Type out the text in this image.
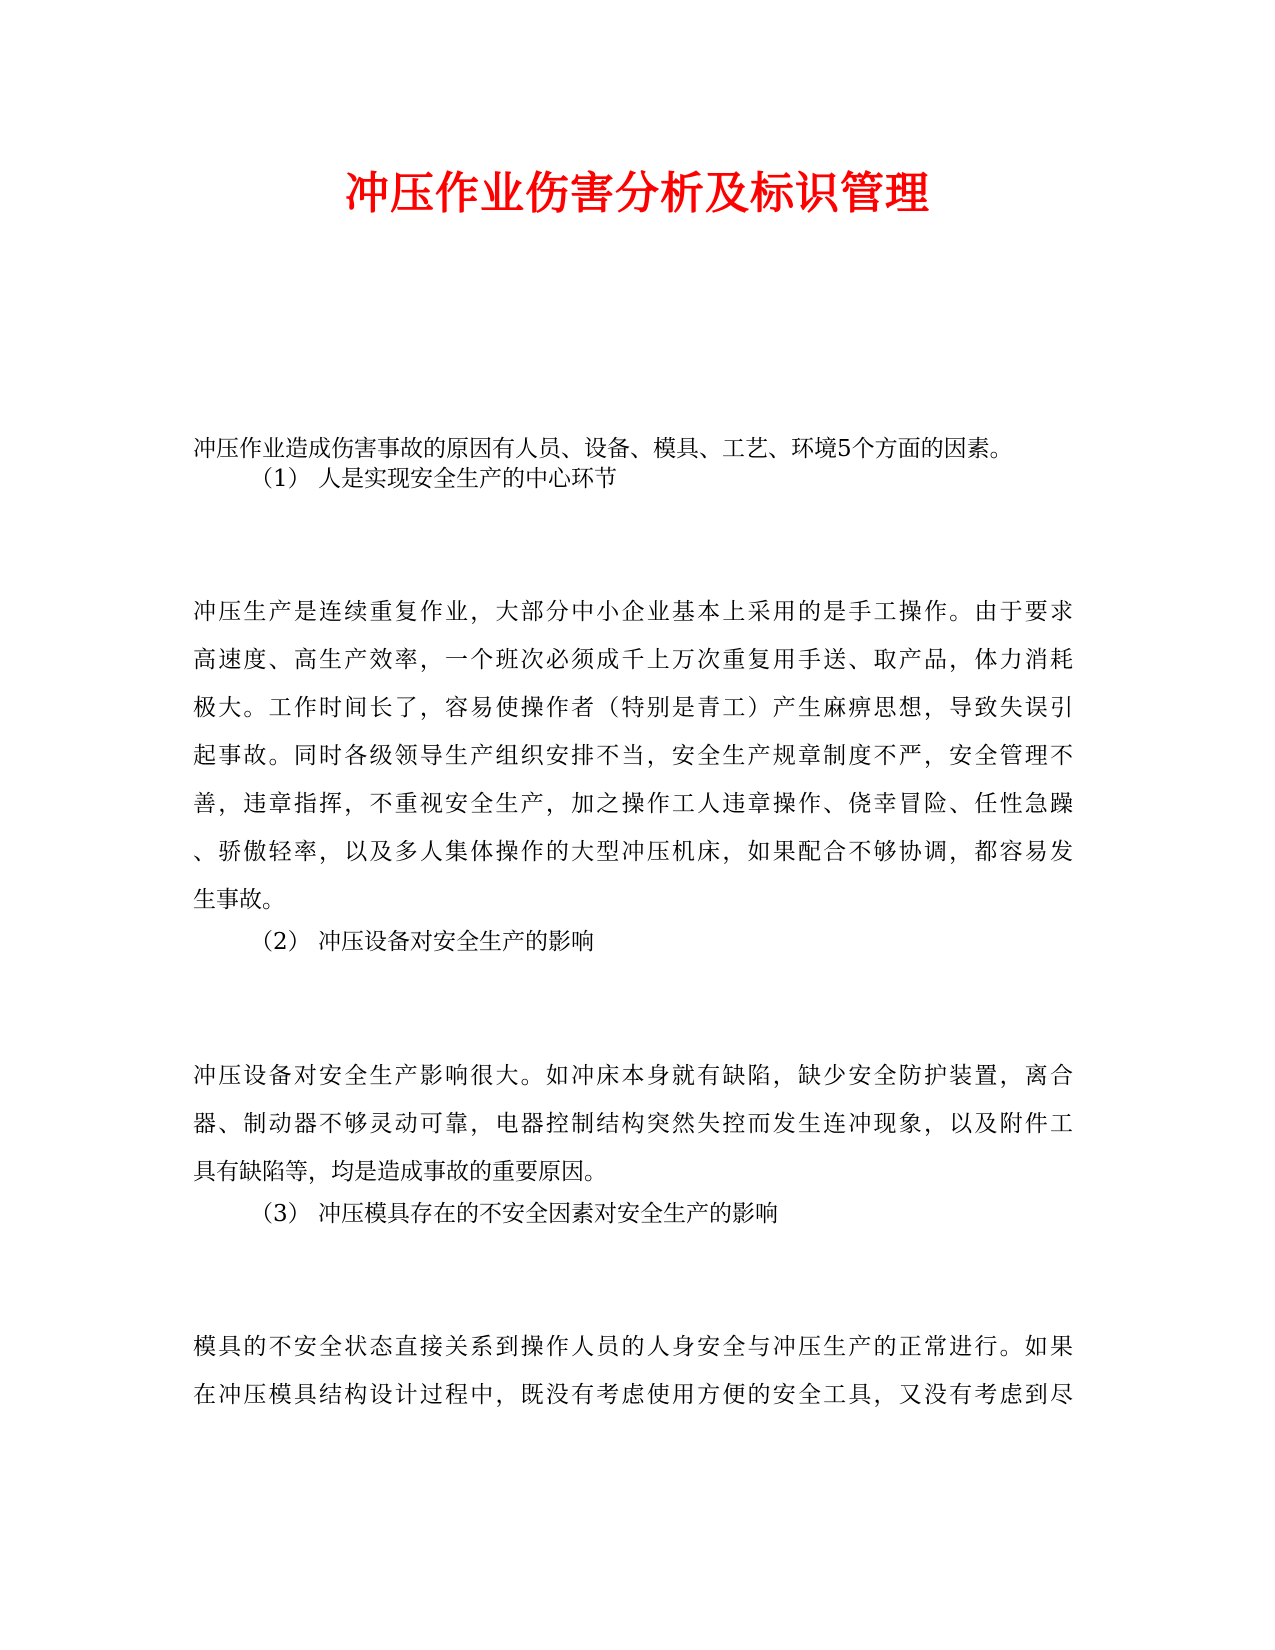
冲压作业伤害分析及标识管理
冲压作业造成伤害事故的原因有人员、设备、模具、工艺、环境5个方面的因素。
（1） 人是实现安全生产的中心环节
冲压生产是连续重复作业，大部分中小企业基本上采用的是手工操作。由于要求
高速度、高生产效率，一个班次必须成千上万次重复用手送、取产品，体力消耗
极大。工作时间长了，容易使操作者（特别是青工）产生麻痹思想，导致失误引
起事故。同时各级领导生产组织安排不当，安全生产规章制度不严，安全管理不
善，违章指挥，不重视安全生产，加之操作工人违章操作、侥幸冒险、任性急躁
、骄傲轻率，以及多人集体操作的大型冲压机床，如果配合不够协调，都容易发
生事故。
（2） 冲压设备对安全生产的影响
冲压设备对安全生产影响很大。如冲床本身就有缺陷，缺少安全防护装置，离合
器、制动器不够灵动可靠，电器控制结构突然失控而发生连冲现象，以及附件工
具有缺陷等，均是造成事故的重要原因。
（3） 冲压模具存在的不安全因素对安全生产的影响
模具的不安全状态直接关系到操作人员的人身安全与冲压生产的正常进行。如果
在冲压模具结构设计过程中，既没有考虑使用方便的安全工具，又没有考虑到尽
